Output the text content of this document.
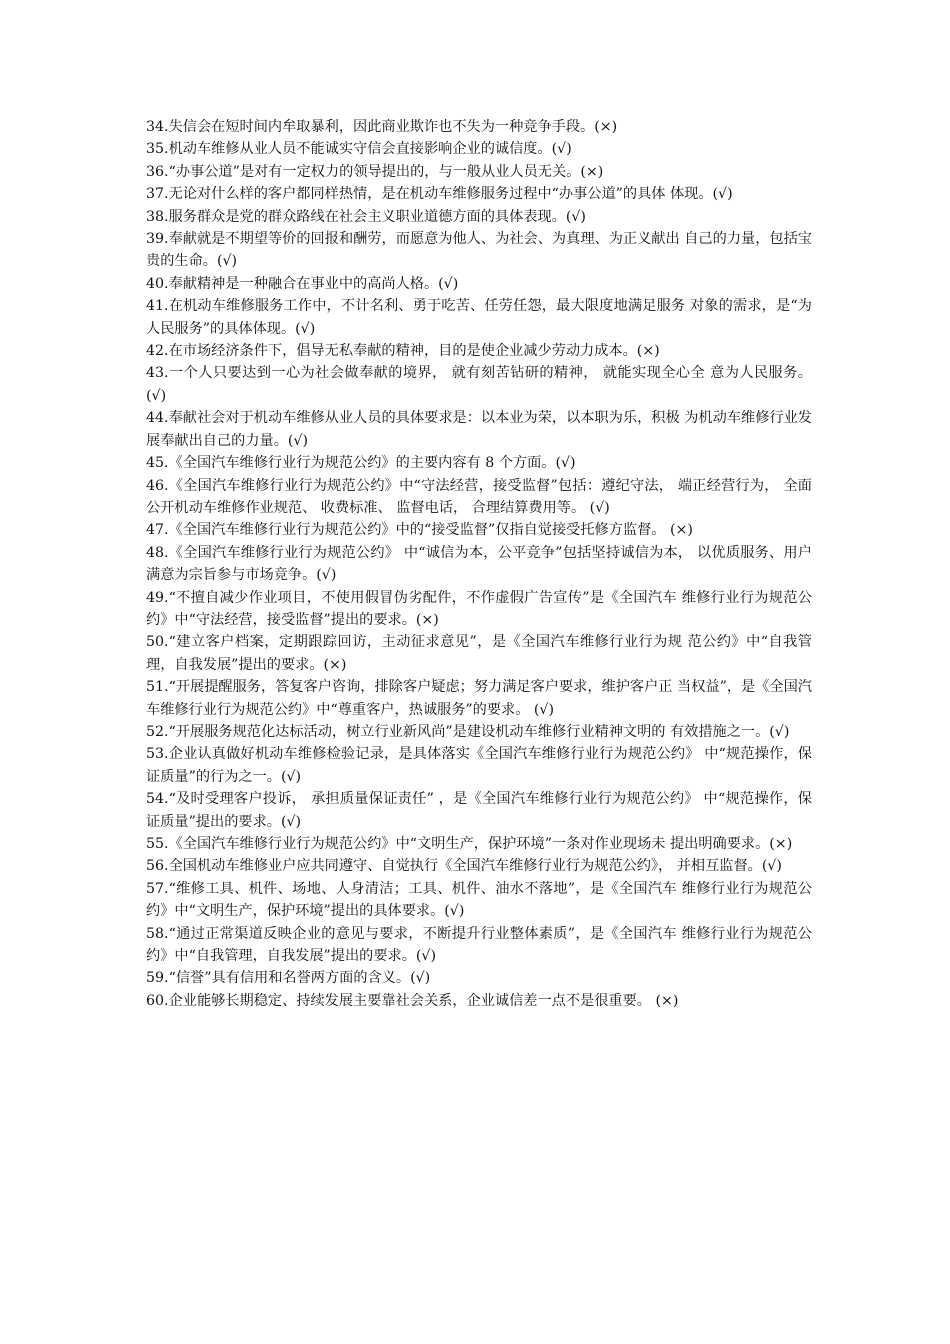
34.失信会在短时间内牟取暴利，因此商业欺诈也不失为一种竞争手段。(×)

35.机动车维修从业人员不能诚实守信会直接影响企业的诚信度。(√)

36.“办事公道”是对有一定权力的领导提出的，与一般从业人员无关。(×)

37.无论对什么样的客户都同样热情，是在机动车维修服务过程中“办事公道”的具体 体现。(√)

38.服务群众是党的群众路线在社会主义职业道德方面的具体表现。(√)

39.奉献就是不期望等价的回报和酬劳，而愿意为他人、为社会、为真理、为正义献出 自己的力量，包括宝贵的生命。(√)

40.奉献精神是一种融合在事业中的高尚人格。(√)

41.在机动车维修服务工作中，不计名利、勇于吃苦、任劳任怨，最大限度地满足服务 对象的需求，是“为人民服务”的具体体现。(√)

42.在市场经济条件下，倡导无私奉献的精神，目的是使企业减少劳动力成本。(×)

43.一个人只要达到一心为社会做奉献的境界， 就有刻苦钻研的精神， 就能实现全心全 意为人民服务。(√)

44.奉献社会对于机动车维修从业人员的具体要求是：以本业为荣，以本职为乐，积极 为机动车维修行业发展奉献出自己的力量。(√)

45.《全国汽车维修行业行为规范公约》的主要内容有 8 个方面。(√)

46.《全国汽车维修行业行为规范公约》中“守法经营，接受监督”包括：遵纪守法， 端正经营行为， 全面公开机动车维修作业规范、 收费标准、 监督电话， 合理结算费用等。 (√)

47.《全国汽车维修行业行为规范公约》中的“接受监督”仅指自觉接受托修方监督。 (×)

48.《全国汽车维修行业行为规范公约》 中“诚信为本，公平竞争”包括坚持诚信为本， 以优质服务、用户满意为宗旨参与市场竞争。(√)

49.“不擅自减少作业项目，不使用假冒伪劣配件，不作虚假广告宣传”是《全国汽车 维修行业行为规范公约》中“守法经营，接受监督”提出的要求。(×)

50.“建立客户档案，定期跟踪回访，主动征求意见”，是《全国汽车维修行业行为规 范公约》中“自我管理，自我发展”提出的要求。(×)

51.“开展提醒服务，答复客户咨询，排除客户疑虑；努力满足客户要求，维护客户正 当权益”，是《全国汽车维修行业行为规范公约》中“尊重客户，热诚服务”的要求。 (√)

52.“开展服务规范化达标活动，树立行业新风尚”是建设机动车维修行业精神文明的 有效措施之一。(√)

53.企业认真做好机动车维修检验记录，是具体落实《全国汽车维修行业行为规范公约》 中“规范操作，保证质量”的行为之一。(√)

54.“及时受理客户投诉， 承担质量保证责任” ，是《全国汽车维修行业行为规范公约》 中“规范操作，保证质量”提出的要求。(√)

55.《全国汽车维修行业行为规范公约》中“文明生产，保护环境”一条对作业现场未 提出明确要求。(×)

56.全国机动车维修业户应共同遵守、自觉执行《全国汽车维修行业行为规范公约》， 并相互监督。(√)

57.“维修工具、机件、场地、人身清洁；工具、机件、油水不落地”，是《全国汽车 维修行业行为规范公约》中“文明生产，保护环境”提出的具体要求。(√)

58.“通过正常渠道反映企业的意见与要求，不断提升行业整体素质”，是《全国汽车 维修行业行为规范公约》中“自我管理，自我发展”提出的要求。(√)

59.“信誉”具有信用和名誉两方面的含义。(√)

60.企业能够长期稳定、持续发展主要靠社会关系，企业诚信差一点不是很重要。 (×)
